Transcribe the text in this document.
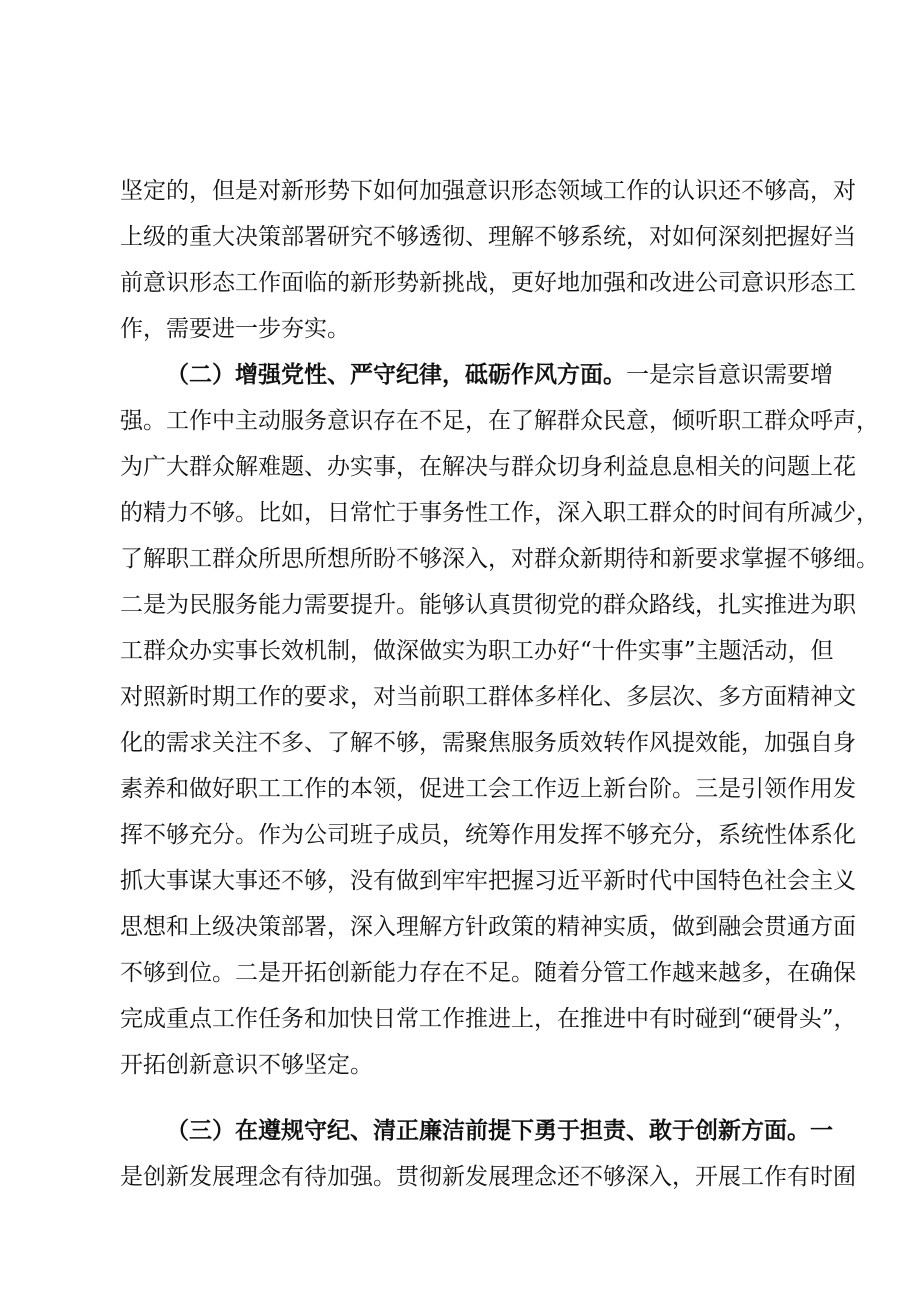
坚定的，但是对新形势下如何加强意识形态领域工作的认识还不够高，对
上级的重大决策部署研究不够透彻、理解不够系统，对如何深刻把握好当
前意识形态工作面临的新形势新挑战，更好地加强和改进公司意识形态工
作，需要进一步夯实。
（二）增强党性、严守纪律，砥砺作风方面。一是宗旨意识需要增
强。工作中主动服务意识存在不足，在了解群众民意，倾听职工群众呼声，
为广大群众解难题、办实事，在解决与群众切身利益息息相关的问题上花
的精力不够。比如，日常忙于事务性工作，深入职工群众的时间有所减少，
了解职工群众所思所想所盼不够深入，对群众新期待和新要求掌握不够细。
二是为民服务能力需要提升。能够认真贯彻党的群众路线，扎实推进为职
工群众办实事长效机制，做深做实为职工办好“十件实事”主题活动，但
对照新时期工作的要求，对当前职工群体多样化、多层次、多方面精神文
化的需求关注不多、了解不够，需聚焦服务质效转作风提效能，加强自身
素养和做好职工工作的本领，促进工会工作迈上新台阶。三是引领作用发
挥不够充分。作为公司班子成员，统筹作用发挥不够充分，系统性体系化
抓大事谋大事还不够，没有做到牢牢把握习近平新时代中国特色社会主义
思想和上级决策部署，深入理解方针政策的精神实质，做到融会贯通方面
不够到位。二是开拓创新能力存在不足。随着分管工作越来越多，在确保
完成重点工作任务和加快日常工作推进上，在推进中有时碰到“硬骨头”，
开拓创新意识不够坚定。
（三）在遵规守纪、清正廉洁前提下勇于担责、敢于创新方面。一
是创新发展理念有待加强。贯彻新发展理念还不够深入，开展工作有时囿
